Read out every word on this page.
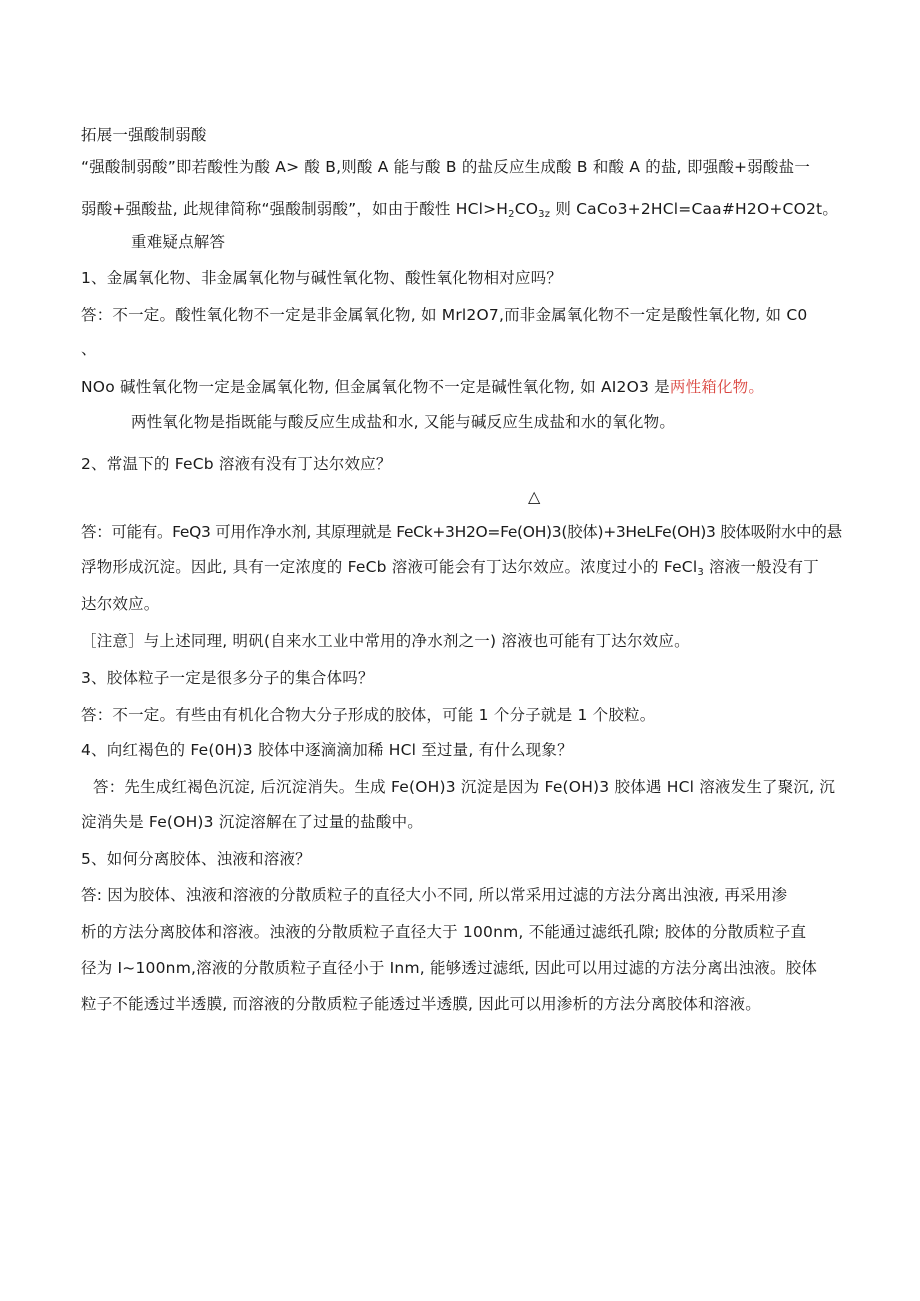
拓展一强酸制弱酸
“强酸制弱酸”即若酸性为酸 A> 酸 B,则酸 A 能与酸 B 的盐反应生成酸 B 和酸 A 的盐, 即强酸+弱酸盐一
弱酸+强酸盐, 此规律简称“强酸制弱酸”，如由于酸性 $HCl>H_2CO_{3z}$ 则 CaCo3+2HCl=Caa#H2O+CO2t。
重难疑点解答
1、金属氧化物、非金属氧化物与碱性氧化物、酸性氧化物相对应吗？
答：不一定。酸性氧化物不一定是非金属氧化物, 如 Mrl2O7,而非金属氧化物不一定是酸性氧化物, 如 C0
、
NOo 碱性氧化物一定是金属氧化物, 但金属氧化物不一定是碱性氧化物, 如 AI2O3 是两性箱化物。
两性氧化物是指既能与酸反应生成盐和水, 又能与碱反应生成盐和水的氧化物。
2、常温下的 FeCb 溶液有没有丁达尔效应？
△
答：可能有。FeQ3 可用作净水剂, 其原理就是 FeCk+3H2O=Fe(OH)3(胶体)+3HeLFe(OH)3 胶体吸附水中的悬
浮物形成沉淀。因此, 具有一定浓度的 FeCb 溶液可能会有丁达尔效应。浓度过小的 FeCl$_3$ 溶液一般没有丁
达尔效应。
［注意］与上述同理, 明矾(自来水工业中常用的净水剂之一) 溶液也可能有丁达尔效应。
3、胶体粒子一定是很多分子的集合体吗？
答：不一定。有些由有机化合物大分子形成的胶体，可能 1 个分子就是 1 个胶粒。
4、向红褐色的 Fe(0H)3 胶体中逐滴滴加稀 HCl 至过量, 有什么现象？
答：先生成红褐色沉淀, 后沉淀消失。生成 Fe(OH)3 沉淀是因为 Fe(OH)3 胶体遇 HCl 溶液发生了聚沉, 沉
淀消失是 Fe(OH)3 沉淀溶解在了过量的盐酸中。
5、如何分离胶体、浊液和溶液？
答: 因为胶体、浊液和溶液的分散质粒子的直径大小不同, 所以常采用过滤的方法分离出浊液, 再采用渗
析的方法分离胶体和溶液。浊液的分散质粒子直径大于 100nm, 不能通过滤纸孔隙; 胶体的分散质粒子直
径为 I~100nm,溶液的分散质粒子直径小于 Inm, 能够透过滤纸, 因此可以用过滤的方法分离出浊液。胶体
粒子不能透过半透膜, 而溶液的分散质粒子能透过半透膜, 因此可以用渗析的方法分离胶体和溶液。
